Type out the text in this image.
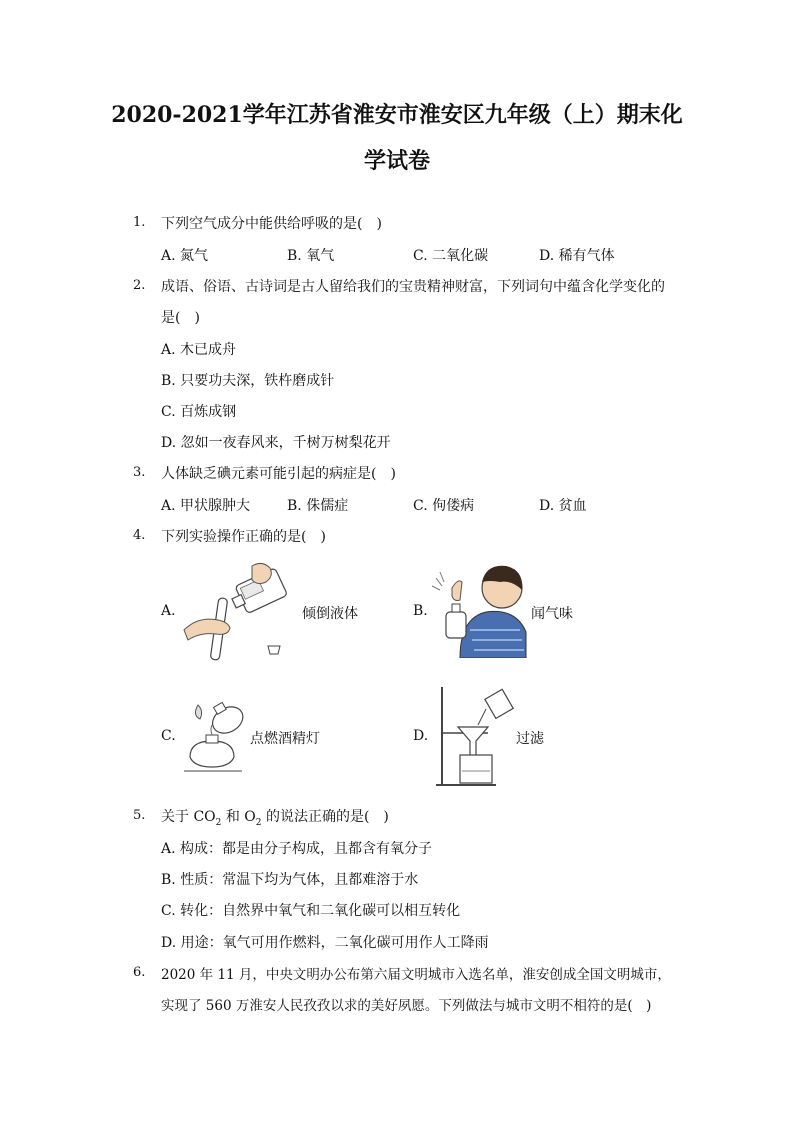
2020-2021学年江苏省淮安市淮安区九年级（上）期末化
学试卷
1. 下列空气成分中能供给呼吸的是(　)
A. 氮气	B. 氧气	C. 二氧化碳	D. 稀有气体
2. 成语、俗语、古诗词是古人留给我们的宝贵精神财富，下列词句中蕴含化学变化的
是(　)
A. 木已成舟
B. 只要功夫深，铁杵磨成针
C. 百炼成钢
D. 忽如一夜春风来，千树万树梨花开
3. 人体缺乏碘元素可能引起的病症是(　)
A. 甲状腺肿大	B. 侏儒症	C. 佝偻病	D. 贫血
4. 下列实验操作正确的是(　)
A.	倾倒液体	B.	闻气味
C.	点燃酒精灯	D.	过滤
5. 关于 $CO_2$ 和 $O_2$ 的说法正确的是(　)
A. 构成：都是由分子构成，且都含有氧分子
B. 性质：常温下均为气体，且都难溶于水
C. 转化：自然界中氧气和二氧化碳可以相互转化
D. 用途：氧气可用作燃料，二氧化碳可用作人工降雨
6. 2020 年 11 月，中央文明办公布第六届文明城市入选名单，淮安创成全国文明城市，
实现了 560 万淮安人民孜孜以求的美好夙愿。下列做法与城市文明不相符的是(　)
